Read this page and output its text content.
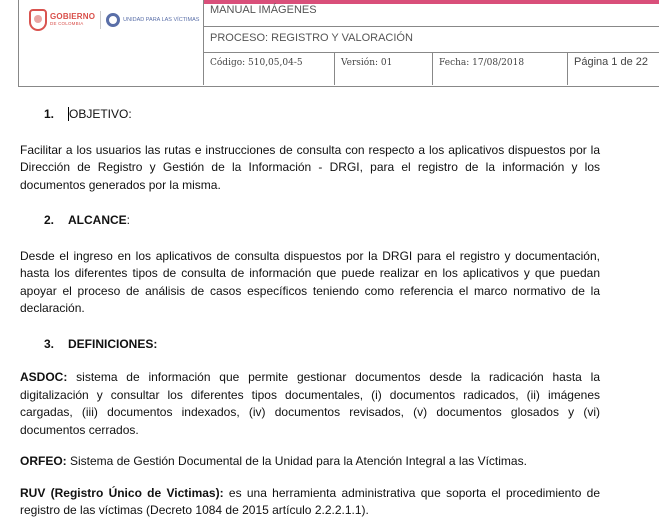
GOBIERNO
DE COLOMBIA
UNIDAD PARA LAS VÍCTIMAS
MANUAL IMÁGENES
PROCESO: REGISTRO Y VALORACIÓN
Código: 510,05,04-5	Versión: 01	Fecha: 17/08/2018	Página 1 de 22

1. OBJETIVO:

Facilitar a los usuarios las rutas e instrucciones de consulta con respecto a los aplicativos dispuestos por la Dirección de Registro y Gestión de la Información - DRGI, para el registro de la información y los documentos generados por la misma.

2. ALCANCE:

Desde el ingreso en los aplicativos de consulta dispuestos por la DRGI para el registro y documentación, hasta los diferentes tipos de consulta de información que puede realizar en los aplicativos y que puedan apoyar el proceso de análisis de casos específicos teniendo como referencia el marco normativo de la declaración.

3. DEFINICIONES:

ASDOC: sistema de información que permite gestionar documentos desde la radicación hasta la digitalización y consultar los diferentes tipos documentales, (i) documentos radicados, (ii) imágenes cargadas, (iii) documentos indexados, (iv) documentos revisados, (v) documentos glosados y (vi) documentos cerrados.

ORFEO: Sistema de Gestión Documental de la Unidad para la Atención Integral a las Víctimas.

RUV (Registro Único de Victimas): es una herramienta administrativa que soporta el procedimiento de registro de las víctimas (Decreto 1084 de 2015 artículo 2.2.2.1.1).
